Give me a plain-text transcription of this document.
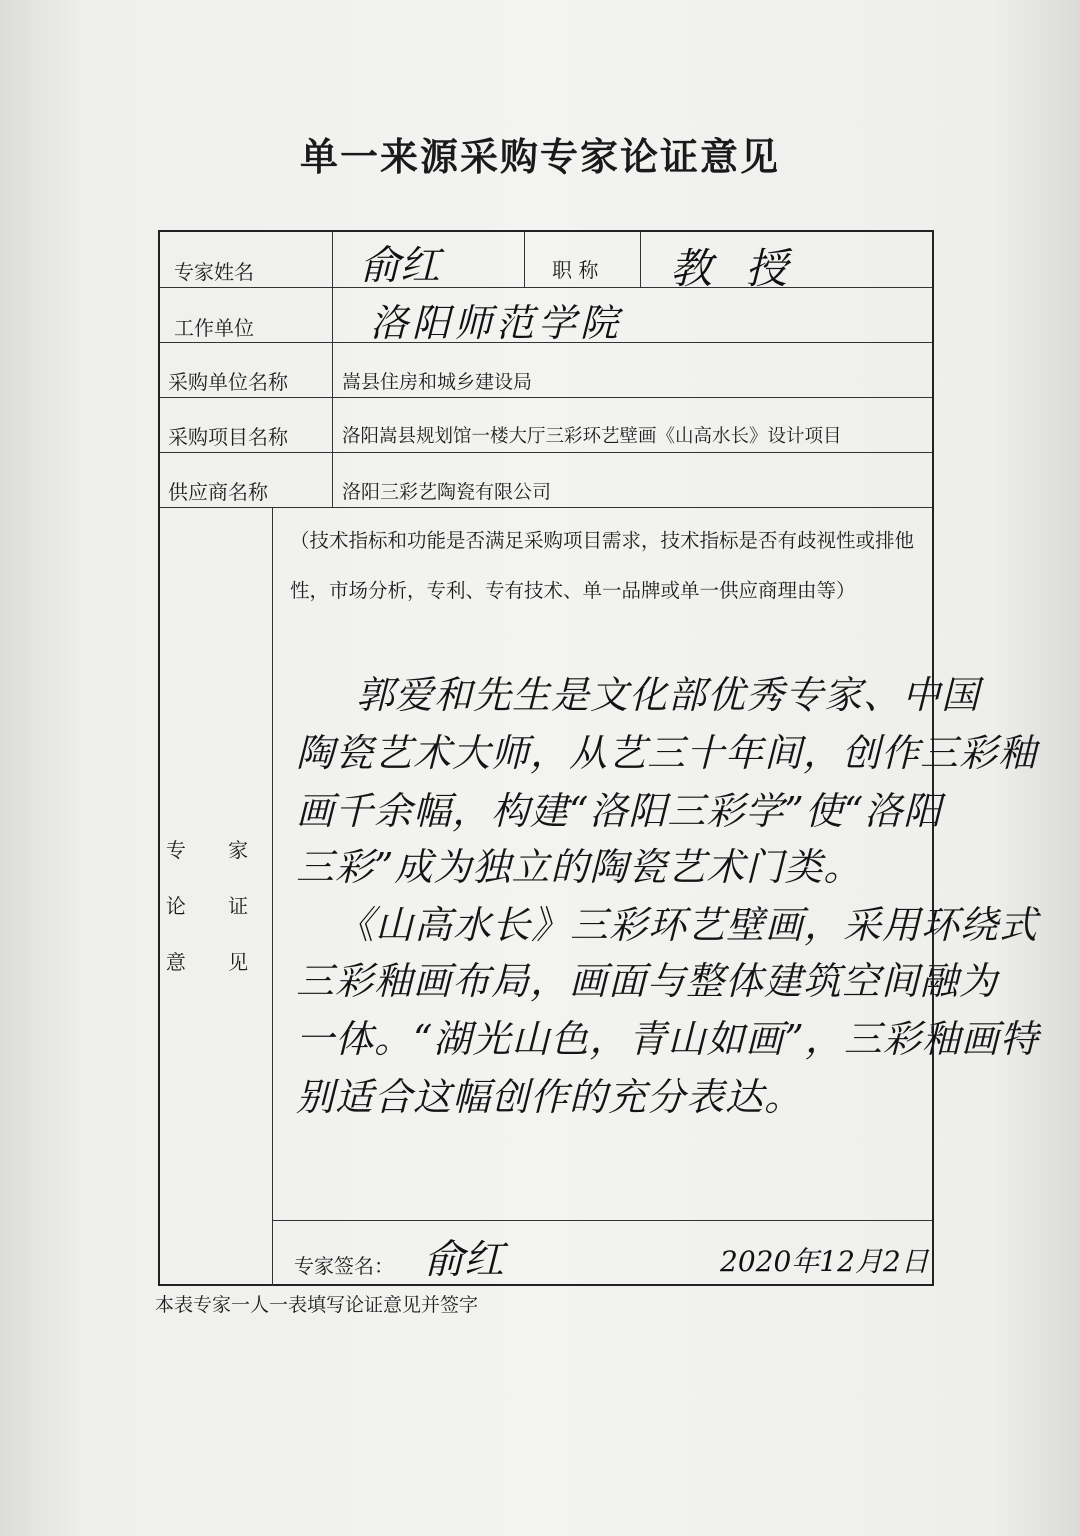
单一来源采购专家论证意见
专家姓名	俞红	职 称 教 授
工作单位	洛阳师范学院
采购单位名称	嵩县住房和城乡建设局
采购项目名称	洛阳嵩县规划馆一楼大厅三彩环艺壁画《山高水长》设计项目
供应商名称	洛阳三彩艺陶瓷有限公司
专 家
论 证
意 见
（技术指标和功能是否满足采购项目需求，技术指标是否有歧视性或排他性，市场分析，专利、专有技术、单一品牌或单一供应商理由等）
郭爱和先生是文化部优秀专家、中国
陶瓷艺术大师，从艺三十年间，创作三彩釉
画千余幅，构建“洛阳三彩学”使“洛阳
三彩”成为独立的陶瓷艺术门类。
《山高水长》三彩环艺壁画，采用环绕式
三彩釉画布局，画面与整体建筑空间融为
一体。“湖光山色，青山如画”，三彩釉画特
别适合这幅创作的充分表达。
专家签名： 俞红	2020年12月2日
本表专家一人一表填写论证意见并签字
